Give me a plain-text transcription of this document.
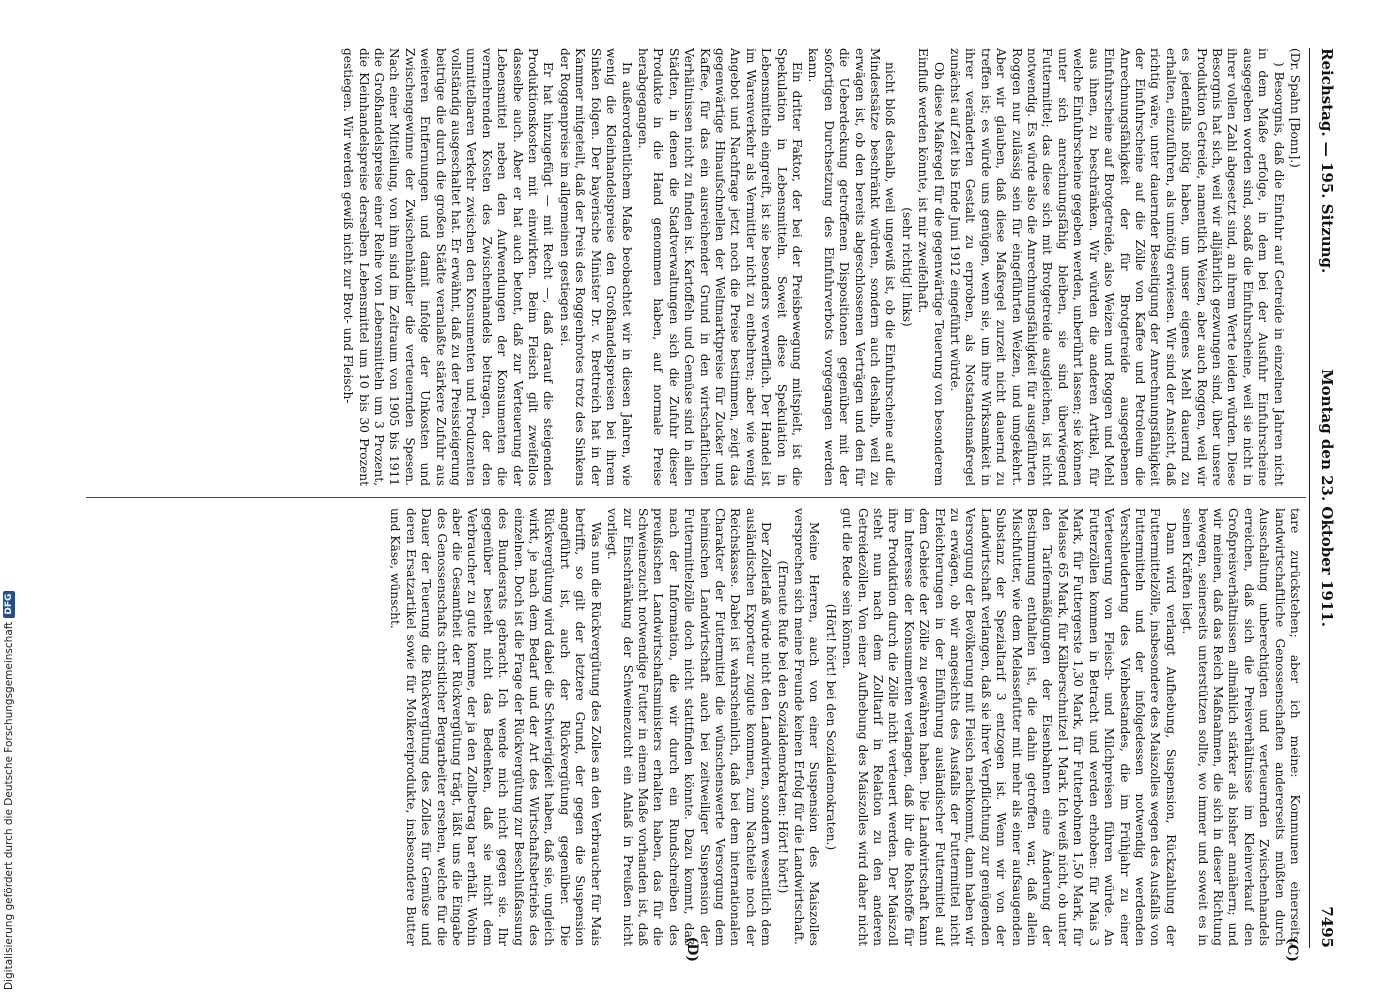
Reichstag. — 195. Sitzung.
Montag den 23. Oktober 1911.
7495

(Dr. Spahn [Bonn].)

) Besorgnis, daß die Einfuhr auf Getreide in einzelnen Jahren nicht in dem Maße erfolge, in dem bei der Ausfuhr Einfuhrscheine ausgegeben worden sind, sodaß die Einfuhrscheine, weil sie nicht in ihrer vollen Zahl abgesetzt sind, an ihrem Werte leiden würden. Diese Besorgnis hat sich, weil wir alljährlich gezwungen sind, über unsere Produktion Getreide, namentlich Weizen, aber auch Roggen, weil wir es jedenfalls nötig haben, um unser eigenes Mehl dauernd zu erhalten, einzuführen, als unnötig erwiesen. Wir sind der Ansicht, daß richtig wäre, unter dauernder Beseitigung der Anrechnungsfähigkeit der Einfuhrscheine auf die Zölle von Kaffee und Petroleum die Anrechnungsfähigkeit der für Brotgetreide ausgegebenen Einfuhrscheine auf Brotgetreide, also Weizen und Roggen und Mehl aus ihnen, zu beschränken. Wir würden die anderen Artikel, für welche Einfuhrscheine gegeben werden, unberührt lassen; sie können unter sich anrechnungsfähig bleiben, sie sind überwiegend Futtermittel; das diese sich mit Brotgetreide ausgleichen, ist nicht notwendig. Es würde also die Anrechnungsfähigkeit für ausgeführten Roggen nur zulässig sein für eingeführten Weizen, und umgekehrt. Aber wir glauben, daß diese Maßregel zurzeit nicht dauernd zu treffen ist; es würde uns genügen, wenn sie, um ihre Wirksamkeit in ihrer veränderten Gestalt zu erproben, als Notstandsmaßregel zunächst auf Zeit bis Ende Juni 1912 eingeführt würde.

Ob diese Maßregel für die gegenwärtige Teuerung von besonderem Einfluß werden könnte, ist mir zweifelhaft.

(sehr richtig! links)

nicht bloß deshalb, weil ungewiß ist, ob die Einfuhrscheine auf die Mindestsätze beschränkt würden, sondern auch deshalb, weil zu erwägen ist, ob den bereits abgeschlossenen Verträgen und den für die Ueberdeckung getroffenen Dispositionen gegenüber mit der sofortigen Durchsetzung des Einfuhrverbots vorgegangen werden kann.

Ein dritter Faktor, der bei der Preisbewegung mitspielt, ist die Spekulation in Lebensmitteln. Soweit diese Spekulation in Lebensmitteln eingreift, ist sie besonders verwerflich. Der Handel ist im Warenverkehr als Vermittler nicht zu entbehren; aber wie wenig Angebot und Nachfrage jetzt noch die Preise bestimmen, zeigt das gegenwärtige Hinaufschnellen der Weltmarktpreise für Zucker und Kaffee, für das ein ausreichender Grund in den wirtschaftlichen Verhältnissen nicht zu finden ist. Kartoffeln und Gemüse sind in allen Städten, in denen die Stadtverwaltungen sich die Zufuhr dieser Produkte in die Hand genommen haben, auf normale Preise herabgegangen.

In außerordentlichem Maße beobachtet wir in diesen Jahren, wie wenig die Kleinhandelspreise den Großhandelspreisen bei ihrem Sinken folgen. Der bayerische Minister Dr. v. Brettreich hat in der Kammer mitgeteilt, daß der Preis des Roggenbrotes trotz des Sinkens der Roggenpreise im allgemeinen gestiegen sei.

Er hat hinzugefügt — mit Recht —, daß darauf die steigenden Produktionskosten mit einwirkten. Beim Fleisch gilt zweifellos dasselbe auch. Aber er hat auch betont, daß zur Verteuerung der Lebensmittel neben den Aufwendungen der Konsumenten die vermehrenden Kosten des Zwischenhandels beitragen, der den unmittelbaren Verkehr zwischen den Konsumenten und Produzenten vollständig ausgeschaltet hat. Er erwähnt, daß zu der Preissteigerung beitrüge die durch die großen Städte veranlaßte stärkere Zufuhr aus weiteren Entfernungen und damit infolge der Unkosten und Zwischengewinne der Zwischenhändler die verteuernden Spesen. Nach einer Mitteilung, von ihm sind im Zeitraum von 1905 bis 1911 die Großhandelspreise einer Reihe von Lebensmitteln um 3 Prozent, die Kleinhandelspreise derselben Lebensmittel um 10 bis 30 Prozent gestiegen. Wir werden gewiß nicht zur Brot- und Fleisch-

tare zurückstehen; aber ich meine: Kommunen einerseits, landwirtschaftliche Genossenschaften andererseits müßten durch Ausschaltung unberechtigten und verteuernden Zwischenhandels erreichen, daß sich die Preisverhältnisse im Kleinverkauf den Großpreisverhältnissen allmählich stärker als bisher annähern; und wir meinen, daß das Reich Maßnahmen, die sich in dieser Richtung bewegen, seinerseits unterstützen sollte, wo immer und soweit es in seinen Kräften liegt.

Dann wird verlangt Aufhebung, Suspension, Rückzahlung der Futtermittelzölle, insbesondere des Maiszolles wegen des Ausfalls von Futtermitteln und der infolgedessen notwendig werdenden Verschleuderung des Viehbestandes, die im Frühjahr zu einer Verteuerung von Fleisch- und Milchpreisen führen würde. An Futterzöllen kommen in Betracht und werden erhoben: für Mais 3 Mark, für Futtergerste 1,30 Mark, für Futterbohnen 1,50 Mark, für Melasse 65 Mark, für Kälberschnitzel 1 Mark. Ich weiß nicht, ob unter den Tarifermäßigungen der Eisenbahnen eine Änderung der Bestimmung enthalten ist, die dahin getroffen war, daß allein Mischfutter, wie dem Melassefutter mit mehr als einer aufsaugenden Substanz der Spezialtarif 3 entzogen ist. Wenn wir von der Landwirtschaft verlangen, daß sie ihrer Verpflichtung zur genügenden Versorgung der Bevölkerung mit Fleisch nachkommt, dann haben wir zu erwägen, ob wir angesichts des Ausfalls der Futtermittel nicht Erleichterungen in der Einführung ausländischer Futtermittel auf dem Gebiete der Zölle zu gewähren haben. Die Landwirtschaft kann im Interesse der Konsumenten verlangen, daß ihr die Rohstoffe für ihre Produktion durch die Zölle nicht verteuert werden. Der Maiszoll steht nun nach dem Zolltarif in Relation zu den anderen Getreidezöllen. Von einer Aufhebung des Maiszolles wird daher nicht gut die Rede sein können.

(Hört! hört! bei den Sozialdemokraten.)

Meine Herren, auch von einer Suspension des Maiszolles versprechen sich meine Freunde keinen Erfolg für die Landwirtschaft.

(Erneute Rufe bei den Sozialdemokraten: Hört! hört!)

Der Zollerlaß würde nicht den Landwirten, sondern wesentlich dem ausländischen Exporteur zugute kommen, zum Nachteile noch der Reichskasse. Dabei ist wahrscheinlich, daß bei dem internationalen Charakter der Futtermittel die wünschenswerte Versorgung dem heimischen Landwirtschaft auch bei zeitweiliger Suspension der Futtermittelzölle doch nicht stattfinden könnte. Dazu kommt, daß nach der Information, die wir durch ein Rundschreiben des preußischen Landwirtschaftsministers erhalten haben, das für die Schweinezucht notwendige Futter in einem Maße vorhanden ist, daß zur Einschränkung der Schweinezucht ein Anlaß in Preußen nicht vorliegt.

Was nun die Rückvergütung des Zolles an den Verbraucher für Mais betrifft, so gilt der letztere Grund, der gegen die Suspension angeführt ist, auch der Rückvergütung gegenüber. Die Rückvergütung wird dabei die Schwierigkeit haben, daß sie, ungleich wirkt, je nach dem Bedarf und der Art des Wirtschaftsbetriebs des einzelnen. Doch ist die Frage der Rückvergütung zur Beschlußfassung des Bundesrats gebracht. Ich wende mich nicht gegen sie. Ihr gegenüber besteht nicht das Bedenken, daß sie nicht dem Verbraucher zu gute komme, der ja den Zollbetrag bar erhält. Wohin aber die Gesamtheit der Rückvergütung trägt, läßt uns die Eingabe des Genossenschafts christlicher Bergarbeiter ersehen, welche für die Dauer der Teuerung die Rückvergütung des Zolles für Gemüse und deren Ersatzartikel sowie für Molkereiprodukte, insbesondere Butter und Käse, wünscht.

(C)
(D)
Digitalisierung gefördert durch die Deutsche Forschungsgemeinschaft
DFG
